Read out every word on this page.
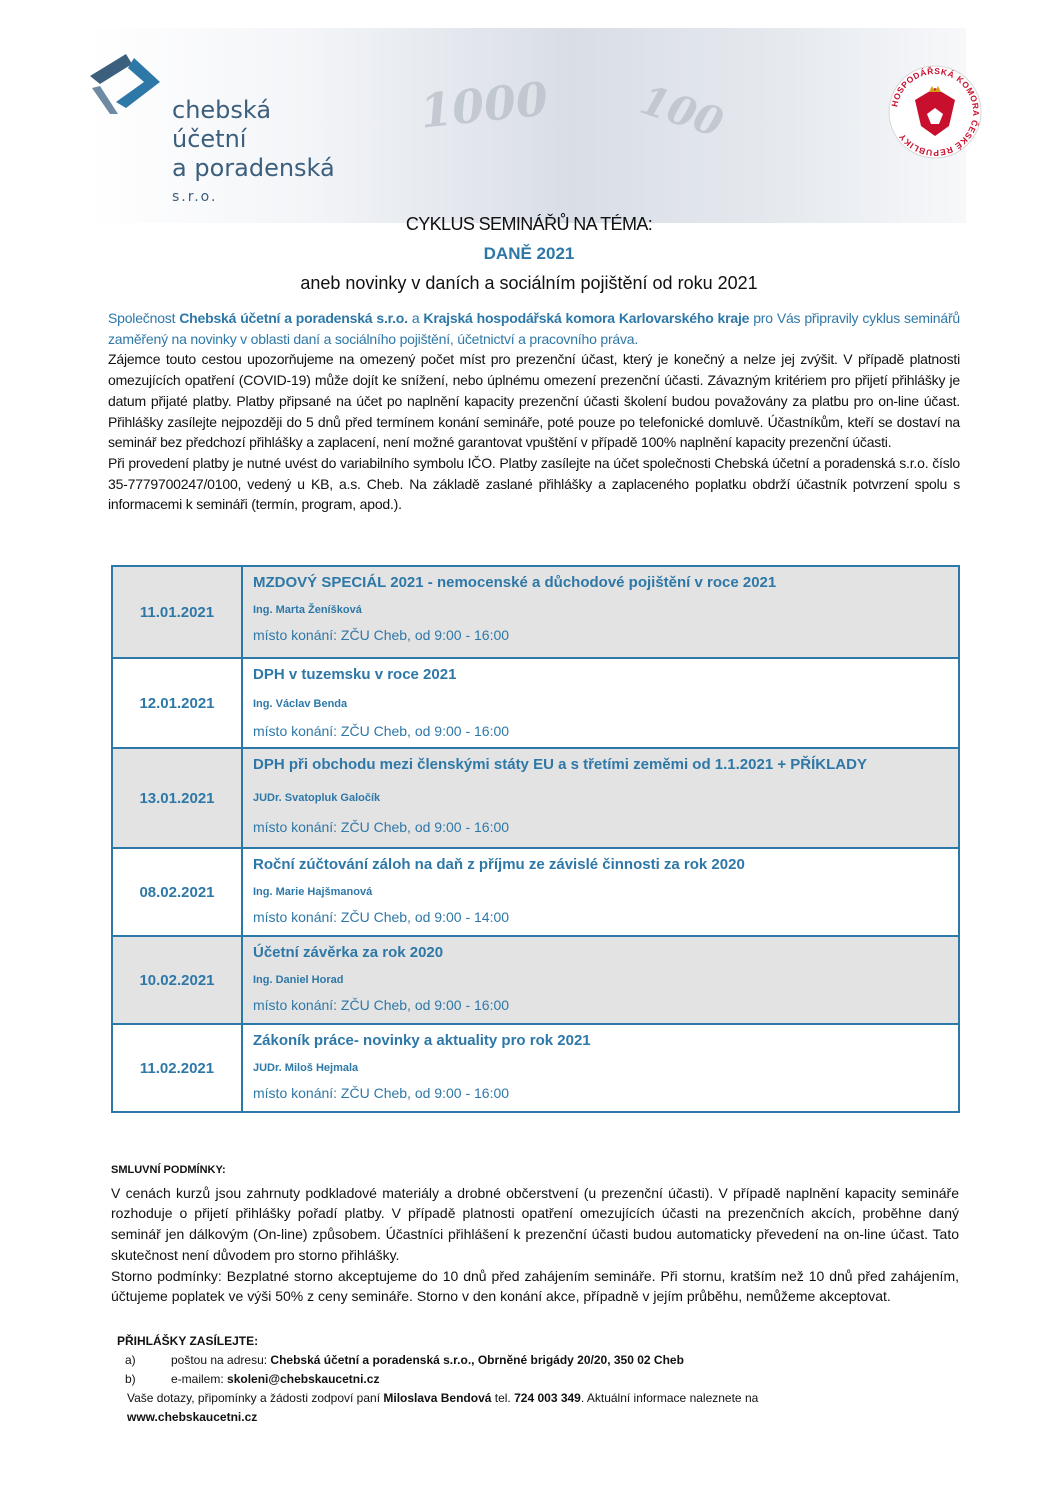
1000 100
chebská
účetní
a poradenská
s.r.o.
HOSPODÁŘSKÁ KOMORA ČESKÉ REPUBLIKY
CYKLUS SEMINÁŘŮ NA TÉMA:
DANĚ 2021
aneb novinky v daních a sociálním pojištění od roku 2021

Společnost Chebská účetní a poradenská s.r.o. a Krajská hospodářská komora Karlovarského kraje pro Vás připravily cyklus seminářů zaměřený na novinky v oblasti daní a sociálního pojištění, účetnictví a pracovního práva.

Zájemce touto cestou upozorňujeme na omezený počet míst pro prezenční účast, který je konečný a nelze jej zvýšit. V případě platnosti omezujících opatření (COVID-19) může dojít ke snížení, nebo úplnému omezení prezenční účasti. Závazným kritériem pro přijetí přihlášky je datum přijaté platby. Platby připsané na účet po naplnění kapacity prezenční účasti školení budou považovány za platbu pro on-line účast. Přihlášky zasílejte nejpozději do 5 dnů před termínem konání semináře, poté pouze po telefonické domluvě. Účastníkům, kteří se dostaví na seminář bez předchozí přihlášky a zaplacení, není možné garantovat vpuštění v případě 100% naplnění kapacity prezenční účasti.

Při provedení platby je nutné uvést do variabilního symbolu IČO. Platby zasílejte na účet společnosti Chebská účetní a poradenská s.r.o. číslo 35-7779700247/0100, vedený u KB, a.s. Cheb. Na základě zaslané přihlášky a zaplaceného poplatku obdrží účastník potvrzení spolu s informacemi k semináři (termín, program, apod.).

11.01.2021
MZDOVÝ SPECIÁL 2021 - nemocenské a důchodové pojištění v roce 2021
Ing. Marta Ženíšková
místo konání: ZČU Cheb, od 9:00 - 16:00
12.01.2021
DPH v tuzemsku v roce 2021
Ing. Václav Benda
místo konání: ZČU Cheb, od 9:00 - 16:00
13.01.2021
DPH při obchodu mezi členskými státy EU a s třetími zeměmi od 1.1.2021 + PŘÍKLADY
JUDr. Svatopluk Galočík
místo konání: ZČU Cheb, od 9:00 - 16:00
08.02.2021
Roční zúčtování záloh na daň z příjmu ze závislé činnosti za rok 2020
Ing. Marie Hajšmanová
místo konání: ZČU Cheb, od 9:00 - 14:00
10.02.2021
Účetní závěrka za rok 2020
Ing. Daniel Horad
místo konání: ZČU Cheb, od 9:00 - 16:00
11.02.2021
Zákoník práce- novinky a aktuality pro rok 2021
JUDr. Miloš Hejmala
místo konání: ZČU Cheb, od 9:00 - 16:00
SMLUVNÍ PODMÍNKY:

V cenách kurzů jsou zahrnuty podkladové materiály a drobné občerstvení (u prezenční účasti). V případě naplnění kapacity semináře rozhoduje o přijetí přihlášky pořadí platby. V případě platnosti opatření omezujících účasti na prezenčních akcích, proběhne daný seminář jen dálkovým (On-line) způsobem. Účastníci přihlášení k prezenční účasti budou automaticky převedení na on-line účast. Tato skutečnost není důvodem pro storno přihlášky.

Storno podmínky: Bezplatné storno akceptujeme do 10 dnů před zahájením semináře. Při stornu, kratším než 10 dnů před zahájením, účtujeme poplatek ve výši 50% z ceny semináře. Storno v den konání akce, případně v jejím průběhu, nemůžeme akceptovat.

PŘIHLÁŠKY ZASÍLEJTE:
a)	poštou na adresu: Chebská účetní a poradenská s.r.o., Obrněné brigády 20/20, 350 02 Cheb
b)	e-mailem: skoleni@chebskaucetni.cz
Vaše dotazy, připomínky a žádosti zodpoví paní Miloslava Bendová tel. 724 003 349. Aktuální informace naleznete na
www.chebskaucetni.cz
